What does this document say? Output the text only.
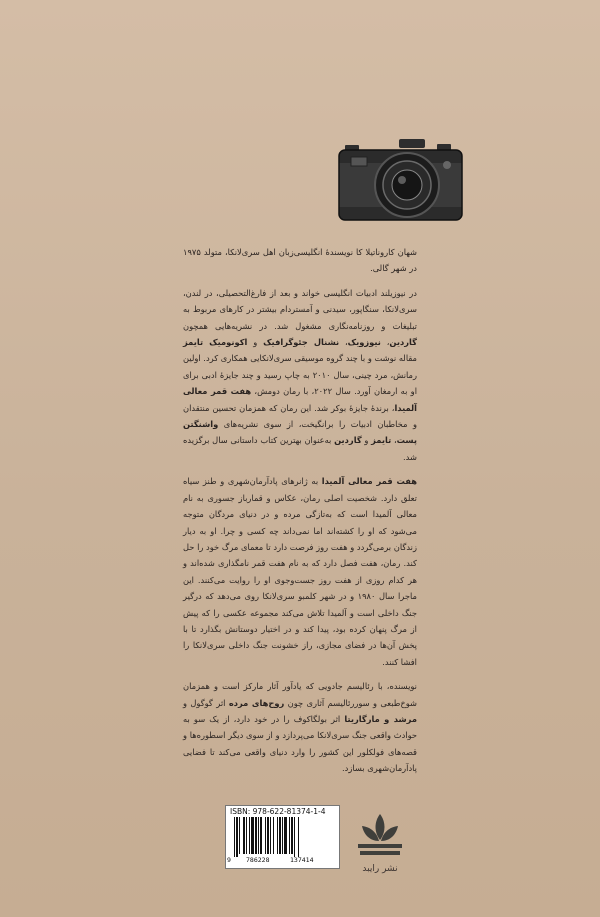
شهان کاروناتیلا کا نویسندهٔ انگلیسی‌زبان اهل سری‌لانکا، متولد ۱۹۷۵ در شهر گالی.

در نیوزیلند ادبیات انگلیسی خواند و بعد از فارغ‌التحصیلی، در لندن، سری‌لانکا، سنگاپور، سیدنی و آمستردام بیشتر در کارهای مربوط به تبلیغات و روزنامه‌نگاری مشغول شد. در نشریه‌هایی همچون گاردین، نیوزویک، نشنال جئوگرافیک و اکونومیک تایمز مقاله نوشت و با چند گروه موسیقی سری‌لانکایی همکاری کرد. اولین رمانش، مرد چینی، سال ۲۰۱۰ به چاپ رسید و چند جایزهٔ ادبی برای او به ارمغان آورد. سال ۲۰۲۲، با رمان دومش، هفت قمر معالی آلمیدا، برندهٔ جایزهٔ بوکر شد. این رمان که همزمان تحسین منتقدان و مخاطبان ادبیات را برانگیخت، از سوی نشریه‌های واشنگتن پست، تایمز و گاردین به‌عنوان بهترین کتاب داستانی سال برگزیده شد.

هفت قمر معالی آلمیدا به ژانرهای پادآرمان‌شهری و طنز سیاه تعلق دارد. شخصیت اصلی رمان، عکاس و قمارباز جسوری به نام معالی آلمیدا است که به‌تازگی مرده و در دنیای مردگان متوجه می‌شود که او را کشته‌اند اما نمی‌داند چه کسی و چرا. او به دیار زندگان برمی‌گردد و هفت روز فرصت دارد تا معمای مرگ خود را حل کند. رمان، هفت فصل دارد که به نام هفت قمر نامگذاری شده‌اند و هر کدام روزی از هفت روز جست‌وجوی او را روایت می‌کنند. این ماجرا سال ۱۹۸۰ و در شهر کلمبو سری‌لانکا روی می‌دهد که درگیر جنگ داخلی است و آلمیدا تلاش می‌کند مجموعه عکسی را که پیش از مرگ پنهان کرده بود، پیدا کند و در اختیار دوستانش بگذارد تا با پخش آن‌ها در فضای مجازی، راز خشونت جنگ داخلی سری‌لانکا را افشا کنند.

نویسنده، با رئالیسم جادویی که یادآور آثار مارکز است و همزمان شوخ‌طبعی و سوررئالیسم آثاری چون روح‌های مرده اثر گوگول و مرشد و مارگاریتا اثر بولگاکوف را در خود دارد، از یک سو به حوادث واقعی جنگ سری‌لانکا می‌پردازد و از سوی دیگر اسطوره‌ها و قصه‌های فولکلور این کشور را وارد دنیای واقعی می‌کند تا فضایی پادآرمان‌شهری بسازد.

ISBN: 978-622-81374-1-4
9 786228	137414
نشر رایبد
